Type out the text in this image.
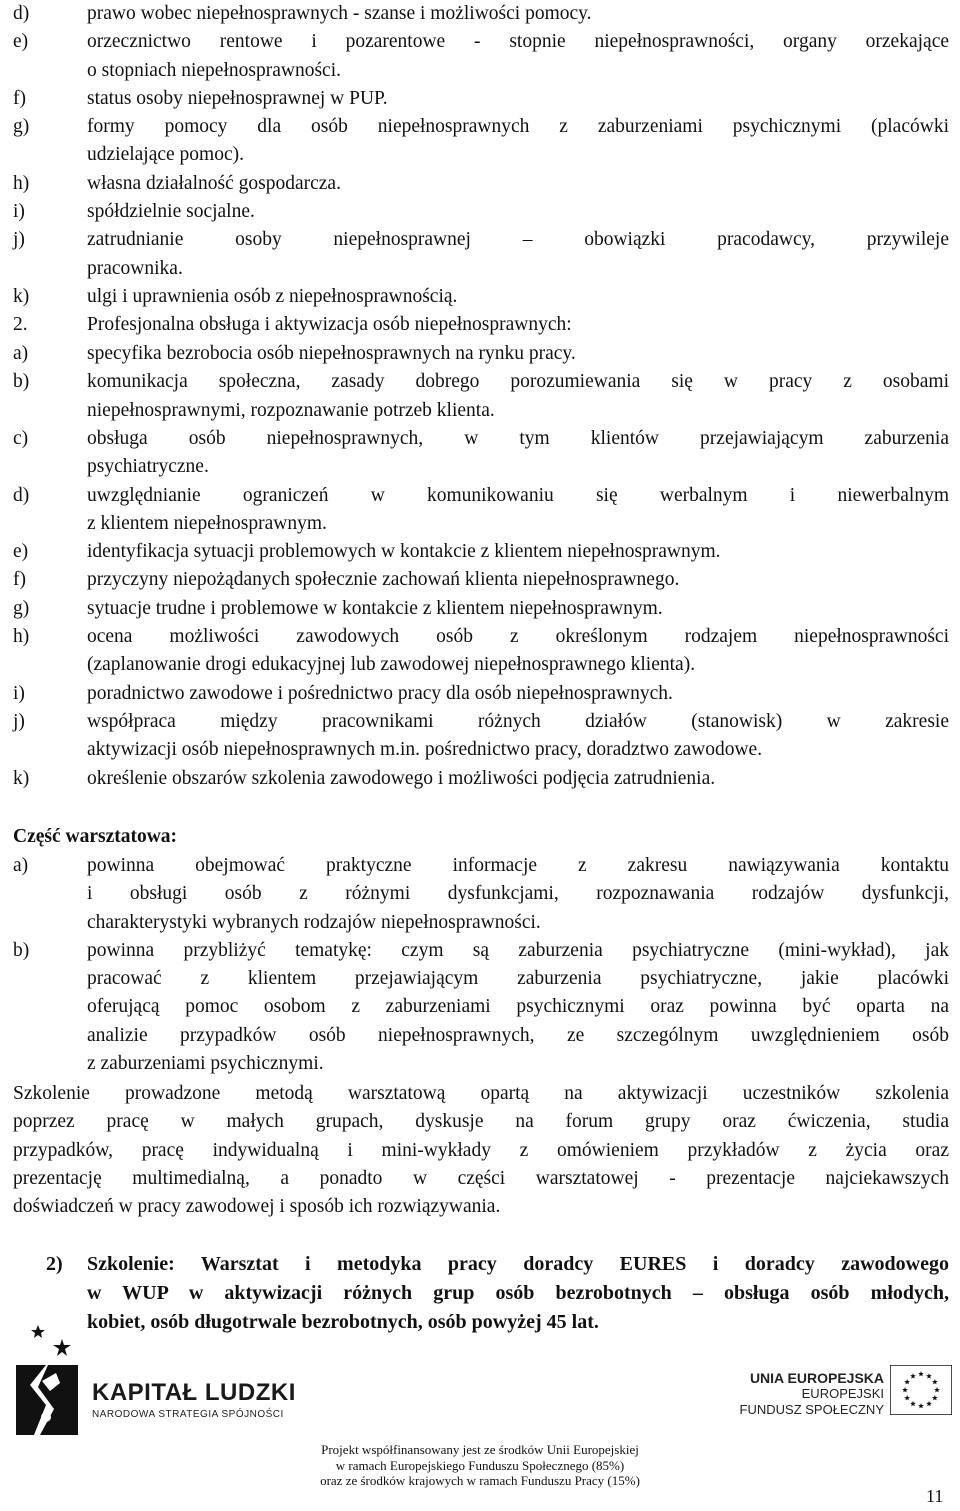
d)	prawo wobec niepełnosprawnych - szanse i możliwości pomocy.
e)	orzecznictwo rentowe i pozarentowe - stopnie niepełnosprawności, organy orzekające
o stopniach niepełnosprawności.
f)	status osoby niepełnosprawnej w PUP.
g)	formy pomocy dla osób niepełnosprawnych z zaburzeniami psychicznymi (placówki
udzielające pomoc).
h)	własna działalność gospodarcza.
i)	spółdzielnie socjalne.
j)	zatrudnianie osoby niepełnosprawnej – obowiązki pracodawcy, przywileje
pracownika.
k)	ulgi i uprawnienia osób z niepełnosprawnością.
2.	Profesjonalna obsługa i aktywizacja osób niepełnosprawnych:
a)	specyfika bezrobocia osób niepełnosprawnych na rynku pracy.
b)	komunikacja społeczna, zasady dobrego porozumiewania się w pracy z osobami
niepełnosprawnymi, rozpoznawanie potrzeb klienta.
c)	obsługa osób niepełnosprawnych, w tym klientów przejawiającym zaburzenia
psychiatryczne.
d)	uwzględnianie ograniczeń w komunikowaniu się werbalnym i niewerbalnym
z klientem niepełnosprawnym.
e)	identyfikacja sytuacji problemowych w kontakcie z klientem niepełnosprawnym.
f)	przyczyny niepożądanych społecznie zachowań klienta niepełnosprawnego.
g)	sytuacje trudne i problemowe w kontakcie z klientem niepełnosprawnym.
h)	ocena możliwości zawodowych osób z określonym rodzajem niepełnosprawności
(zaplanowanie drogi edukacyjnej lub zawodowej niepełnosprawnego klienta).
i)	poradnictwo zawodowe i pośrednictwo pracy dla osób niepełnosprawnych.
j)	współpraca między pracownikami różnych działów (stanowisk) w zakresie
aktywizacji osób niepełnosprawnych m.in. pośrednictwo pracy, doradztwo zawodowe.
k)	określenie obszarów szkolenia zawodowego i możliwości podjęcia zatrudnienia.
Część warsztatowa:
a)	powinna obejmować praktyczne informacje z zakresu nawiązywania kontaktu
i obsługi osób z różnymi dysfunkcjami, rozpoznawania rodzajów dysfunkcji,
charakterystyki wybranych rodzajów niepełnosprawności.
b)	powinna przybliżyć tematykę: czym są zaburzenia psychiatryczne (mini-wykład), jak
pracować z klientem przejawiającym zaburzenia psychiatryczne, jakie placówki
oferującą pomoc osobom z zaburzeniami psychicznymi oraz powinna być oparta na
analizie przypadków osób niepełnosprawnych, ze szczególnym uwzględnieniem osób
z zaburzeniami psychicznymi.
Szkolenie prowadzone metodą warsztatową opartą na aktywizacji uczestników szkolenia
poprzez pracę w małych grupach, dyskusje na forum grupy oraz ćwiczenia, studia
przypadków, pracę indywidualną i mini-wykłady z omówieniem przykładów z życia oraz
prezentację multimedialną, a ponadto w części warsztatowej - prezentacje najciekawszych
doświadczeń w pracy zawodowej i sposób ich rozwiązywania.
2) Szkolenie: Warsztat i metodyka pracy doradcy EURES i doradcy zawodowego
w WUP w aktywizacji różnych grup osób bezrobotnych – obsługa osób młodych,
kobiet, osób długotrwale bezrobotnych, osób powyżej 45 lat.
KAPITAŁ LUDZKI
NARODOWA STRATEGIA SPÓJNOŚCI
UNIA EUROPEJSKA
EUROPEJSKI
FUNDUSZ SPOŁECZNY
Projekt współfinansowany jest ze środków Unii Europejskiej
w ramach Europejskiego Funduszu Społecznego (85%)
oraz ze środków krajowych w ramach Funduszu Pracy (15%)
11
